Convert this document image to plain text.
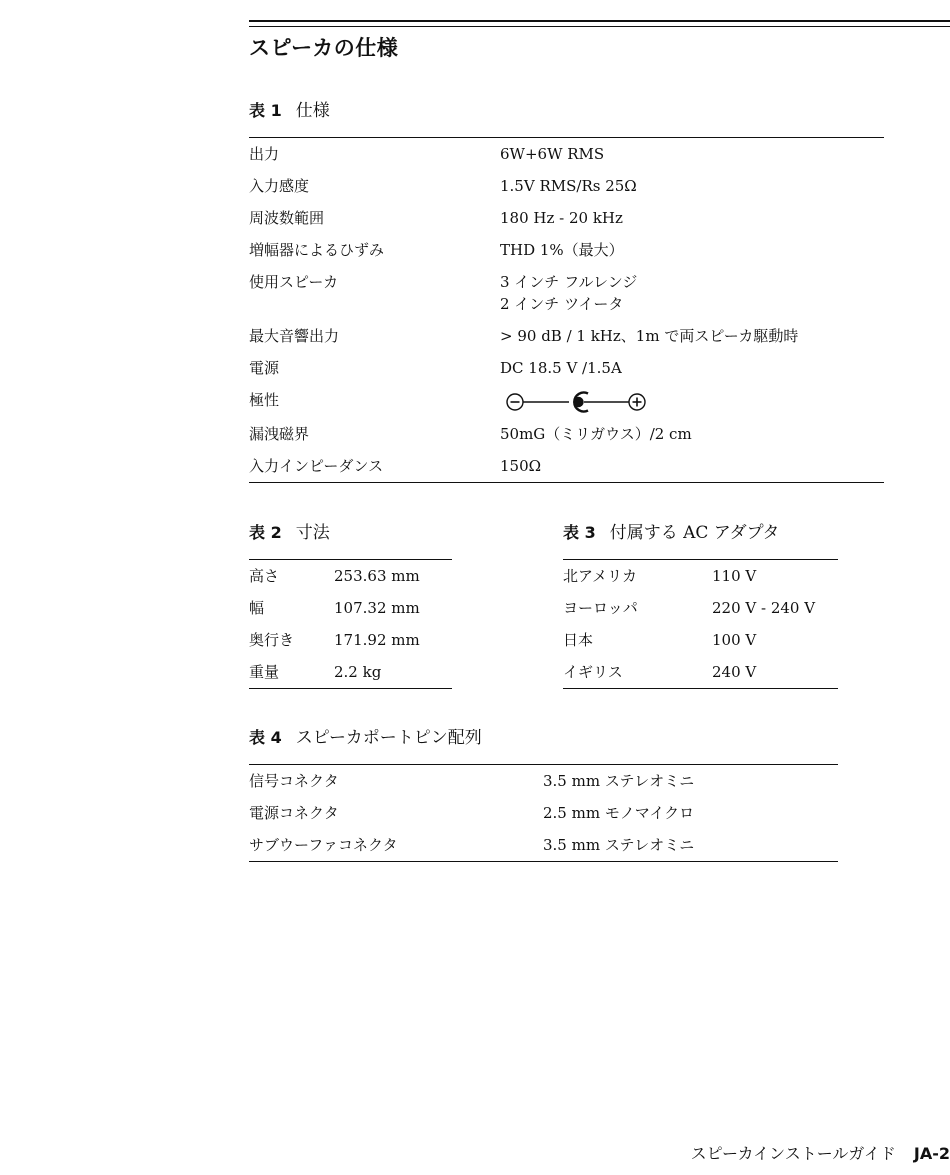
スピーカの仕様
表 1 仕様
出力	6W+6W RMS
入力感度	1.5V RMS/Rs 25Ω
周波数範囲	180 Hz - 20 kHz
増幅器によるひずみ	THD 1%（最大）
使用スピーカ	3 インチ フルレンジ
2 インチ ツイータ

最大音響出力	> 90 dB / 1 kHz、1m で両スピーカ駆動時
電源	DC 18.5 V /1.5A
極性	

漏洩磁界	50mG（ミリガウス）/2 cm
入力インピーダンス	150Ω
表 2 寸法
高さ	253.63 mm
幅	107.32 mm
奥行き	171.92 mm
重量	2.2 kg
表 3 付属する AC アダプタ
北アメリカ	110 V
ヨーロッパ	220 V - 240 V
日本	100 V
イギリス	240 V
表 4 スピーカポートピン配列
信号コネクタ	3.5 mm ステレオミニ
電源コネクタ	2.5 mm モノマイクロ
サブウーファコネクタ	3.5 mm ステレオミニ
スピーカインストールガイド JA-2
